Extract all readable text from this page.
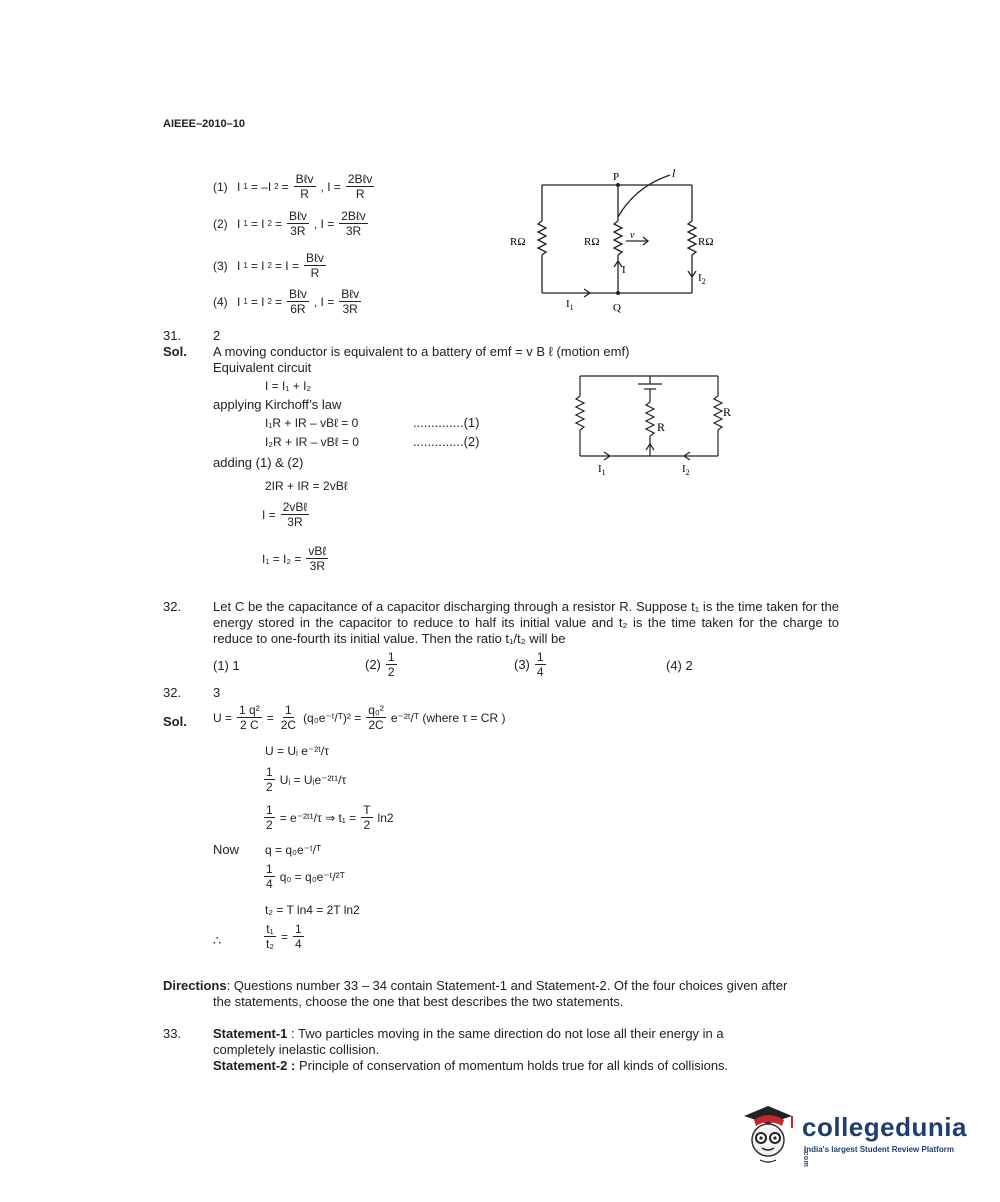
AIEEE–2010–10
(1)
I 1 = –I $2 = \frac{\text{Bℓv}}{R}$ , $I = \frac{\text{2Bℓv}}{R}$
(2)
I 1 = I $2 = \frac{\text{Bℓv}}{3R}$ , $I = \frac{\text{2Bℓv}}{3R}$
(3)
I 1 = I $2 = I = \frac{\text{Bℓv}}{R}$
(4)
I 1 = I $2 = \frac{\text{Bℓv}}{6R}$ , $I = \frac{\text{Bℓv}}{3R}$
P	l
RΩ	RΩ	RΩ
v
I
$I_2$
$I_1$	Q
31. 2
Sol. A moving conductor is equivalent to a battery of emf = v B ℓ (motion emf)
Equivalent circuit
I = I₁ + I₂
applying Kirchoff’s law
I₁R + IR – vBℓ = 0	..............(1)
I₂R + IR – vBℓ = 0	..............(2)
adding (1) & (2)
2IR + IR = 2vBℓ
$I = \frac{\text{2vBℓ}}{3R}$
$I_1 = I_2 = \frac{\text{vBℓ}}{3R}$
R
R
$I_1$	$I_2$
32. Let C be the capacitance of a capacitor discharging through a resistor R. Suppose t₁ is the time taken for the energy stored in the capacitor to reduce to half its initial value and t₂ is the time taken for the charge to reduce to one-fourth its initial value. Then the ratio t₁/t₂ will be
(1) 1	$(2) \frac{1}{2}$	$(3) \frac{1}{4}$	(4) 2
32. 3
Sol. $U = \frac{\text{1 q²}}{2 C} = \frac{1}{2C}$ (q₀e⁻ᵗ/ᵀ)² = $\frac{\text{q₀²}}{2C}$ e⁻²ᵗ/ᵀ (where τ = CR )
U = Uᵢ e⁻²ᵗ/τ
$\frac{1}{2}$ Uᵢ = Uᵢe⁻²ᵗ¹/τ
$\frac{1}{2}$ = e⁻²ᵗ¹/τ ⇒ $t_1 = \frac{T}{2} \ln 2$
Now q = q₀e⁻ᵗ/ᵀ
$\frac{1}{4} q_0$ = q₀e⁻ᵗ/²ᵀ
t₂ = T ln4 = 2T ln2
∴	$\frac{\text{t₁}}{\text{t₂}} = \frac{1}{4}$
Directions: Questions number 33 – 34 contain Statement-1 and Statement-2. Of the four choices given after
the statements, choose the one that best describes the two statements.
33. Statement-1 : Two particles moving in the same direction do not lose all their energy in a
completely inelastic collision.
Statement-2 : Principle of conservation of momentum holds true for all kinds of collisions.
collegedunia.com
India's largest Student Review Platform
